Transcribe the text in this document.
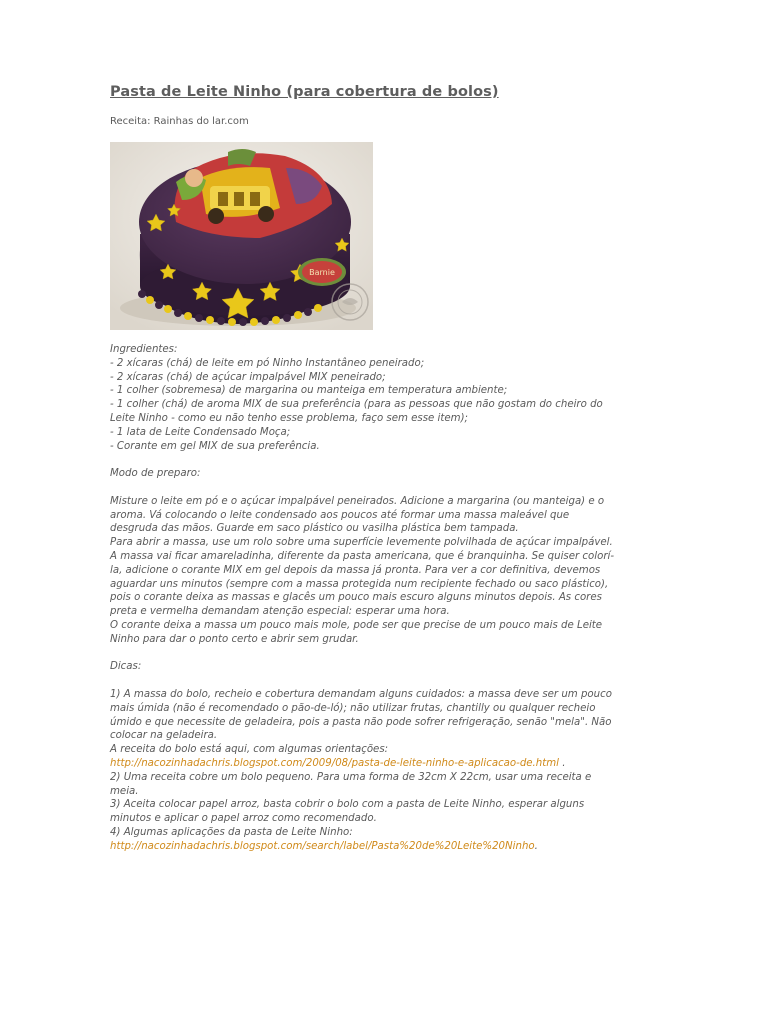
Pasta de Leite Ninho (para cobertura de bolos)
Receita: Rainhas do lar.com
Barnie
Ingredientes:
- 2 xícaras (chá) de leite em pó Ninho Instantâneo peneirado;
- 2 xícaras (chá) de açúcar impalpável MIX peneirado;
- 1 colher (sobremesa) de margarina ou manteiga em temperatura ambiente;
- 1 colher (chá) de aroma MIX de sua preferência (para as pessoas que não gostam do cheiro do
Leite Ninho - como eu não tenho esse problema, faço sem esse item);
- 1 lata de Leite Condensado Moça;
- Corante em gel MIX de sua preferência.
Modo de preparo:
Misture o leite em pó e o açúcar impalpável peneirados. Adicione a margarina (ou manteiga) e o
aroma. Vá colocando o leite condensado aos poucos até formar uma massa maleável que
desgruda das mãos. Guarde em saco plástico ou vasilha plástica bem tampada.
Para abrir a massa, use um rolo sobre uma superfície levemente polvilhada de açúcar impalpável.
A massa vai ficar amareladinha, diferente da pasta americana, que é branquinha. Se quiser colorí-
la, adicione o corante MIX em gel depois da massa já pronta. Para ver a cor definitiva, devemos
aguardar uns minutos (sempre com a massa protegida num recipiente fechado ou saco plástico),
pois o corante deixa as massas e glacês um pouco mais escuro alguns minutos depois. As cores
preta e vermelha demandam atenção especial: esperar uma hora.
O corante deixa a massa um pouco mais mole, pode ser que precise de um pouco mais de Leite
Ninho para dar o ponto certo e abrir sem grudar.
Dicas:
1) A massa do bolo, recheio e cobertura demandam alguns cuidados: a massa deve ser um pouco
mais úmida (não é recomendado o pão-de-ló); não utilizar frutas, chantilly ou qualquer recheio
úmido e que necessite de geladeira, pois a pasta não pode sofrer refrigeração, senão "mela". Não
colocar na geladeira.
A receita do bolo está aqui, com algumas orientações:
http://nacozinhadachris.blogspot.com/2009/08/pasta-de-leite-ninho-e-aplicacao-de.html .
2) Uma receita cobre um bolo pequeno. Para uma forma de 32cm X 22cm, usar uma receita e
meia.
3) Aceita colocar papel arroz, basta cobrir o bolo com a pasta de Leite Ninho, esperar alguns
minutos e aplicar o papel arroz como recomendado.
4) Algumas aplicações da pasta de Leite Ninho:
http://nacozinhadachris.blogspot.com/search/label/Pasta%20de%20Leite%20Ninho.
